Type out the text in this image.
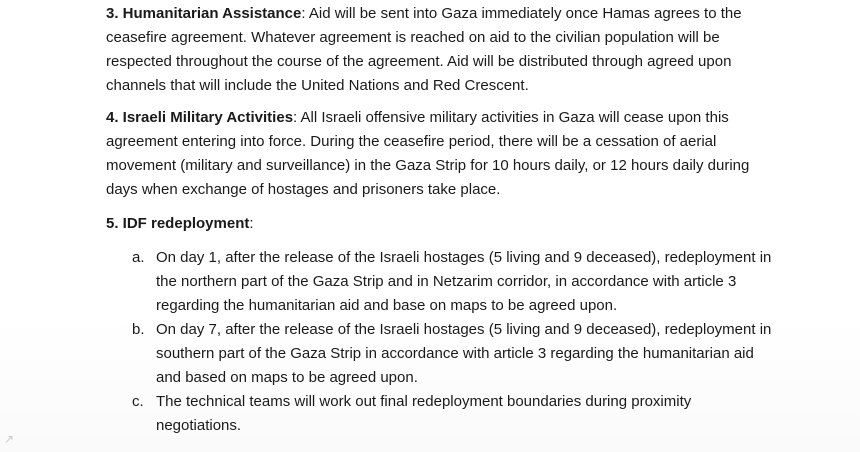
3. Humanitarian Assistance: Aid will be sent into Gaza immediately once Hamas agrees to the ceasefire agreement. Whatever agreement is reached on aid to the civilian population will be respected throughout the course of the agreement. Aid will be distributed through agreed upon channels that will include the United Nations and Red Crescent.

4. Israeli Military Activities: All Israeli offensive military activities in Gaza will cease upon this agreement entering into force. During the ceasefire period, there will be a cessation of aerial movement (military and surveillance) in the Gaza Strip for 10 hours daily, or 12 hours daily during days when exchange of hostages and prisoners take place.

5. IDF redeployment:

a. On day 1, after the release of the Israeli hostages (5 living and 9 deceased), redeployment in the northern part of the Gaza Strip and in Netzarim corridor, in accordance with article 3 regarding the humanitarian aid and base on maps to be agreed upon.
b. On day 7, after the release of the Israeli hostages (5 living and 9 deceased), redeployment in southern part of the Gaza Strip in accordance with article 3 regarding the humanitarian aid and based on maps to be agreed upon.
c. The technical teams will work out final redeployment boundaries during proximity negotiations.
↗
